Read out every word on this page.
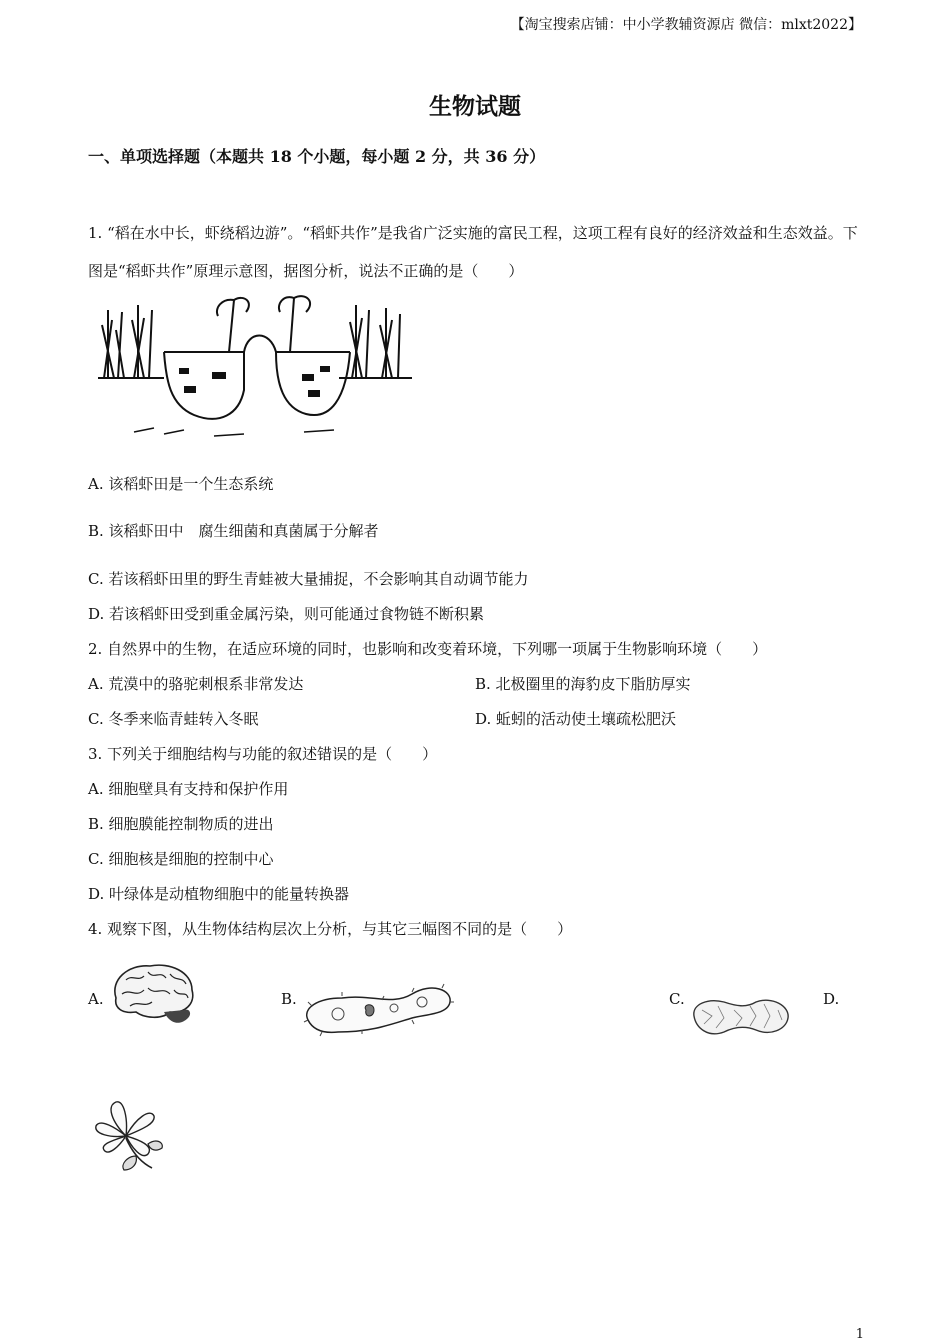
【淘宝搜索店铺：中小学教辅资源店 微信：mlxt2022】
生物试题
一、单项选择题（本题共 18 个小题，每小题 2 分，共 36 分）
1. “稻在水中长，虾绕稻边游”。“稻虾共作”是我省广泛实施的富民工程，这项工程有良好的经济效益和生态效益。下图是“稻虾共作”原理示意图，据图分析，说法不正确的是（　　）
A. 该稻虾田是一个生态系统
B. 该稻虾田中　腐生细菌和真菌属于分解者
C. 若该稻虾田里的野生青蛙被大量捕捉，不会影响其自动调节能力
D. 若该稻虾田受到重金属污染，则可能通过食物链不断积累
2. 自然界中的生物，在适应环境的同时，也影响和改变着环境，下列哪一项属于生物影响环境（　　）
A. 荒漠中的骆驼刺根系非常发达	B. 北极圈里的海豹皮下脂肪厚实
C. 冬季来临青蛙转入冬眠	D. 蚯蚓的活动使土壤疏松肥沃
3. 下列关于细胞结构与功能的叙述错误的是（　　）
A. 细胞壁具有支持和保护作用
B. 细胞膜能控制物质的进出
C. 细胞核是细胞的控制中心
D. 叶绿体是动植物细胞中的能量转换器
4. 观察下图，从生物体结构层次上分析，与其它三幅图不同的是（　　）
A.	B.	C.	D.
1
